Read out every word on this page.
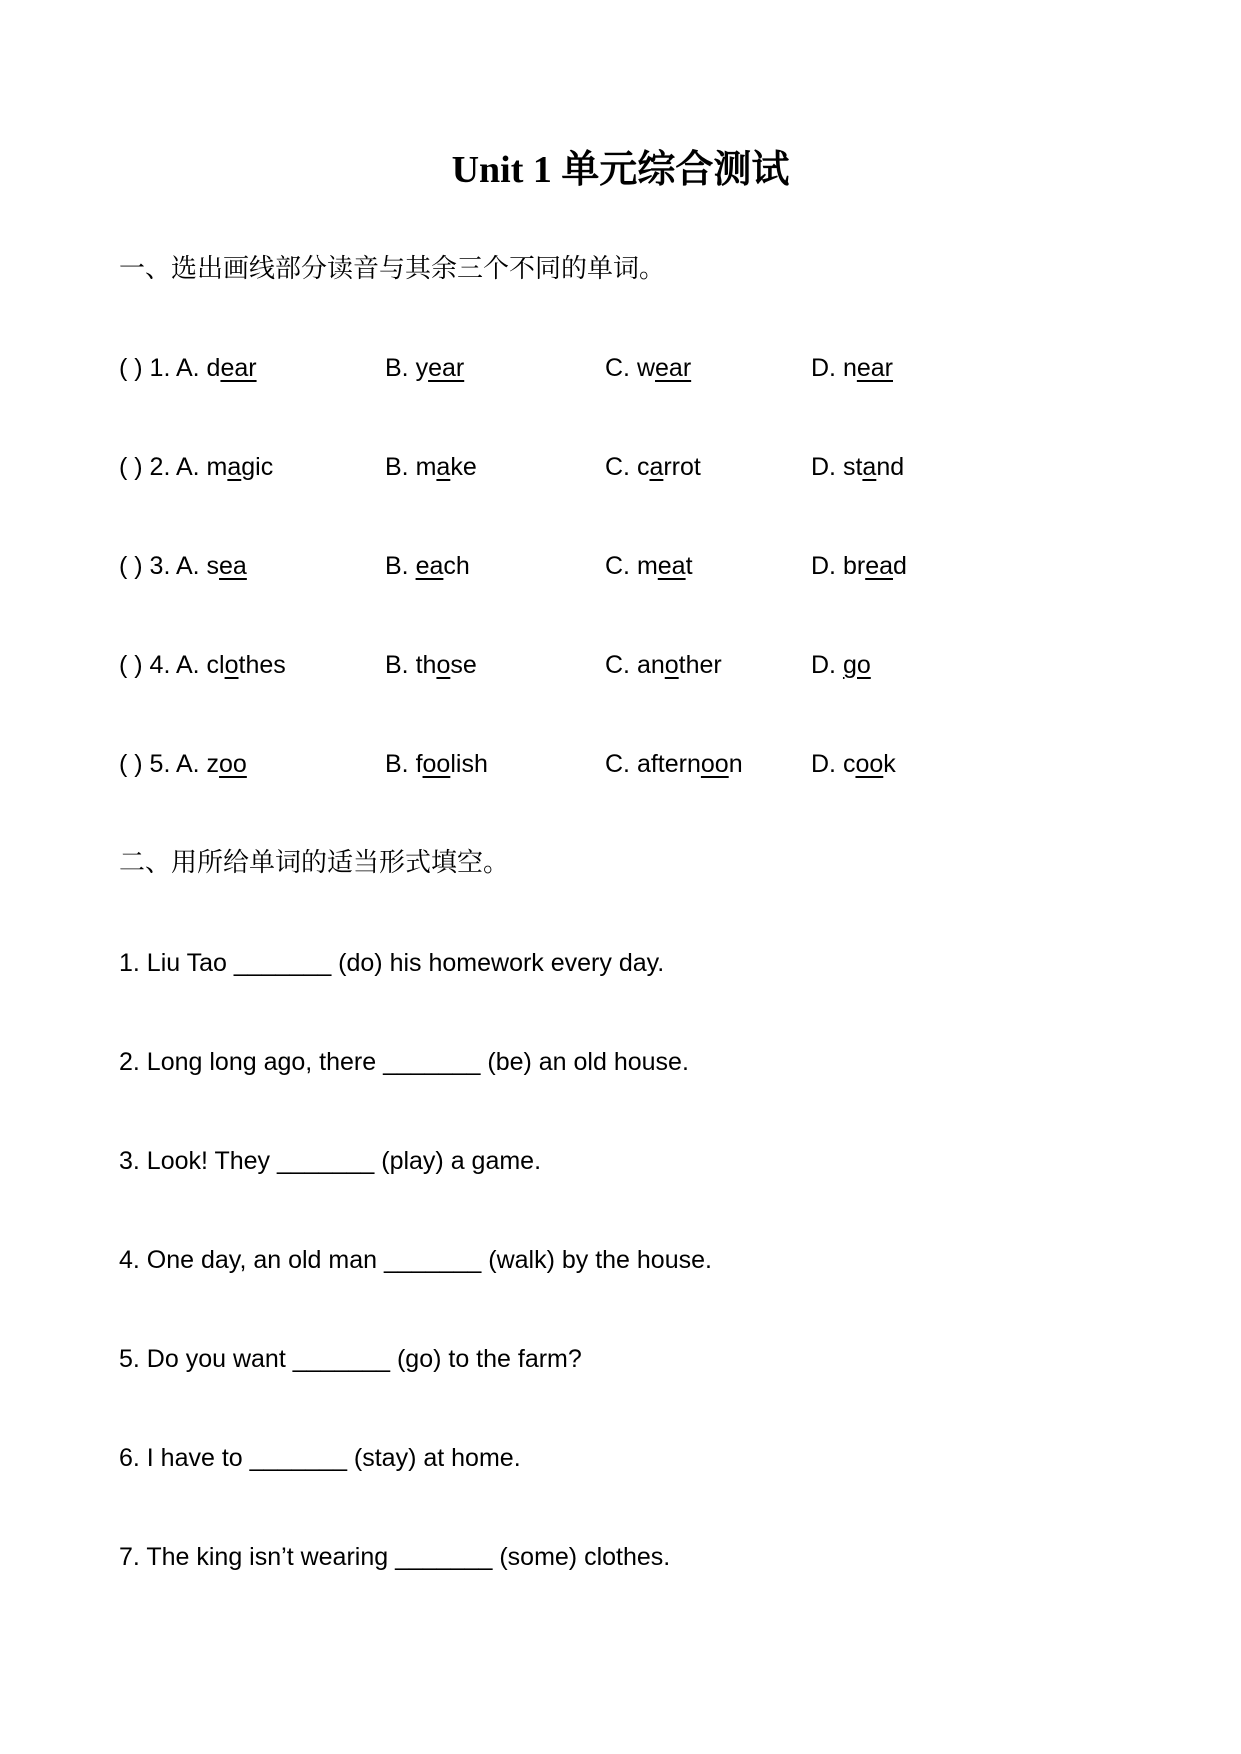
Unit 1 单元综合测试

一、选出画线部分读音与其余三个不同的单词。

( ) 1. A. dear	B. year	C. wear	D. near
( ) 2. A. magic	B. make	C. carrot	D. stand
( ) 3. A. sea	B. each	C. meat	D. bread
( ) 4. A. clothes	B. those	C. another	D. go
( ) 5. A. zoo	B. foolish	C. afternoon	D. cook

二、用所给单词的适当形式填空。

1. Liu Tao _______ (do) his homework every day.

2. Long long ago, there _______ (be) an old house.

3. Look! They _______ (play) a game.

4. One day, an old man _______ (walk) by the house.

5. Do you want _______ (go) to the farm?

6. I have to _______ (stay) at home.

7. The king isn’t wearing _______ (some) clothes.
